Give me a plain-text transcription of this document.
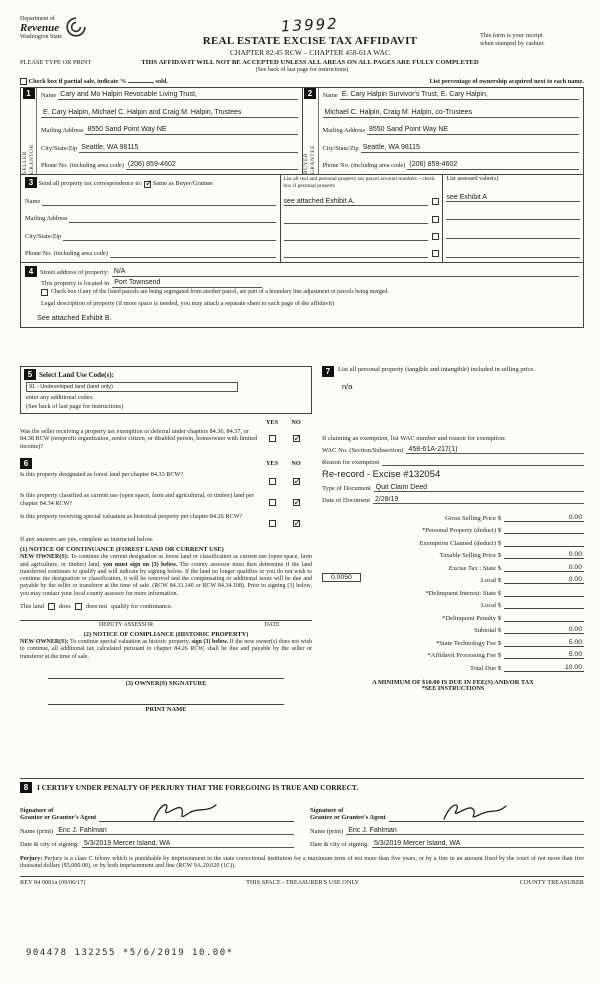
Department of
Revenue
Washington State
13992
REAL ESTATE EXCISE TAX AFFIDAVIT
CHAPTER 82.45 RCW – CHAPTER 458-61A WAC
This form is your receipt
when stamped by cashier.
PLEASE TYPE OR PRINT	THIS AFFIDAVIT WILL NOT BE ACCEPTED UNLESS ALL AREAS ON ALL PAGES ARE FULLY COMPLETED
(See back of last page for instructions)
Check box if partial sale, indicate %	sold.	List percentage of ownership acquired next to each name.
1
SELLER GRANTOR
Name Cary and Mo Halpin Revocable Living Trust,
E. Cary Halpin, Michael C. Halpin and Craig M. Halpin, Trustees
Mailing Address 8550 Sand Point Way NE
City/State/Zip Seattle, WA 98115
Phone No. (including area code) (206) 859-4602
2
BUYER GRANTEE
Name E. Cary Halpin Survivor's Trust, E. Cary Halpin,
Michael C. Halpin, Craig M. Halpin, co-Trustees
Mailing Address 8550 Sand Point Way NE
City/State/Zip Seattle, WA 98115
Phone No. (including area code) (206) 859-4602
3
Send all property tax correspondence to: ✓
Same as Buyer/Grantee
Name
Mailing Address
City/State/Zip
Phone No. (including area code)
List all real and personal property tax parcel account numbers – check box if personal property
see attached Exhibit A.
List assessed value(s)
see Exhibit A
4	Street address of property: N/A
This property is located in Port Townsend
Check box if any of the listed parcels are being segregated from another parcel, are part of a boundary line adjustment or parcels being merged.
Legal description of property (if more space is needed, you may attach a separate sheet to each page of the affidavit)
See attached Exhibit B.
5 Select Land Use Code(s):
91 - Undeveloped land (land only)
enter any additional codes:
(See back of last page for instructions)
YES	NO
Was the seller receiving a property tax exemption or deferral under chapters 84.36, 84.37, or 84.38 RCW (nonprofit organization, senior citizen, or disabled person, homeowner with limited income)?
✓
6	YES	NO
Is this property designated as forest land per chapter 84.33 RCW?
✓
Is this property classified as current use (open space, farm and agricultural, or timber) land per chapter 84.34 RCW?
✓
Is this property receiving special valuation as historical property per chapter 84.26 RCW?
✓
If any answers are yes, complete as instructed below.
(1) NOTICE OF CONTINUANCE (FOREST LAND OR CURRENT USE)
NEW OWNER(S): To continue the current designation as forest land or classification as current use (open space, farm and agriculture, or timber) land, you must sign on (3) below. The county assessor must then determine if the land transferred continues to qualify and will indicate by signing below. If the land no longer qualifies or you do not wish to continue the designation or classification, it will be removed and the compensating or additional taxes will be due and payable by the seller or transferor at the time of sale. (RCW 84.33.140 or RCW 84.34.108). Prior to signing (3) below, you may contact your local county assessor for more information.
This land does does not qualify for continuance.
DEPUTY ASSESSOR	DATE
(2) NOTICE OF COMPLIANCE (HISTORIC PROPERTY)
NEW OWNER(S): To continue special valuation as historic property, sign (3) below. If the new owner(s) does not wish to continue, all additional tax calculated pursuant to chapter 84.26 RCW, shall be due and payable by the seller or transferor at the time of sale.
(3) OWNER(S) SIGNATURE
PRINT NAME
7	List all personal property (tangible and intangible) included in selling price.
n/a
If claiming an exemption, list WAC number and reason for exemption:
WAC No. (Section/Subsection) 458-61A-217(1)
Reason for exemption
Re-record - Excise #132054
Type of Document Quit Claim Deed
Date of Document 2/28/19
Gross Selling Price $	0.00
*Personal Property (deduct) $
Exemption Claimed (deduct) $
Taxable Selling Price $	0.00
Excise Tax : State $	0.00
0.0050	Local $	0.00
*Delinquent Interest: State $
Local $
*Delinquent Penalty $
Subtotal $	0.00
*State Technology Fee $	5.00
*Affidavit Processing Fee $	5.00
Total Due $	10.00
A MINIMUM OF $10.00 IS DUE IN FEE(S) AND/OR TAX
*SEE INSTRUCTIONS
8	I CERTIFY UNDER PENALTY OF PERJURY THAT THE FOREGOING IS TRUE AND CORRECT.
Signature of
Grantor or Grantor's Agent
Name (print) Eric J. Fahlman
Date & city of signing: 5/3/2019 Mercer Island, WA
Signature of
Grantee or Grantee's Agent
Name (print) Eric J. Fahlman
Date & city of signing: 5/3/2019 Mercer Island, WA
Perjury: Perjury is a class C felony which is punishable by imprisonment in the state correctional institution for a maximum term of not more than five years, or by a fine in an amount fixed by the court of not more than five thousand dollars ($5,000.00), or by both imprisonment and fine (RCW 9A.20.020 (1C)).
REV 84 0001a (09/06/17)	THIS SPACE - TREASURER'S USE ONLY	COUNTY TREASURER
904478 132255 *5/6/2019 10.00*
